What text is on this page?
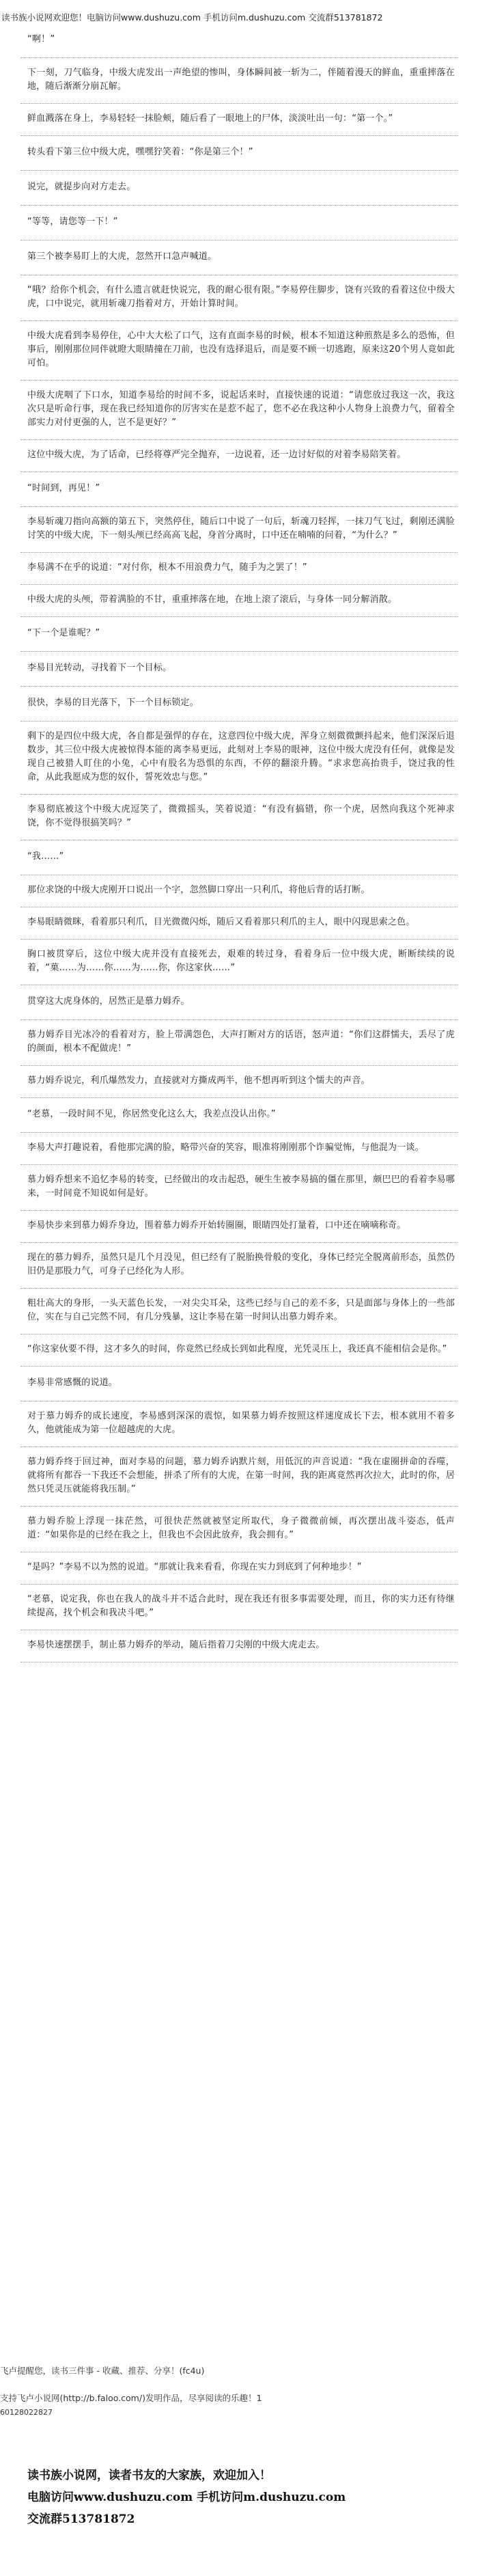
读书族小说网欢迎您！电脑访问www.dushuzu.com 手机访问m.dushuzu.com 交流群513781872

“啊！”

下一刻，刀气临身，中级大虎发出一声绝望的惨叫，身体瞬间被一斩为二，伴随着漫天的鲜血，重重摔落在地，随后渐渐分崩瓦解。

鲜血溅落在身上，李易轻轻一抹脸颊，随后看了一眼地上的尸体，淡淡吐出一句：“第一个。”

转头看下第三位中级大虎，嘿嘿狞笑着：“你是第三个！”

说完，就提步向对方走去。

“等等，请您等一下！”

第三个被李易盯上的大虎，忽然开口急声喊道。

“哦？给你个机会，有什么遗言就赶快说完，我的耐心很有限。”李易停住脚步，饶有兴致的看着这位中级大虎，口中说完，就用斩魂刀指着对方，开始计算时间。

中级大虎看到李易停住，心中大大松了口气，这有直面李易的时候，根本不知道这种煎熬是多么的恐怖，但事后，刚刚那位同伴就瞪大眼睛撞在刀前，也没有选择退后，而是要不顾一切逃跑，原来这20个男人竟如此可怕。

中级大虎咽了下口水，知道李易给的时间不多，说起话来时，直接快速的说道：“请您放过我这一次，我这次只是听命行事，现在我已经知道你的厉害实在是惹不起了，您不必在我这种小人物身上浪费力气，留着全部实力对付更强的人，岂不是更好？”

这位中级大虎，为了话命，已经将尊严完全抛弃，一边说着，还一边讨好似的对着李易陪笑着。

“时间到，再见！”

李易斩魂刀指向高额的第五下，突然停住，随后口中说了一句后，斩魂刀轻挥，一抹刀气飞过，剩刚还满脸讨笑的中级大虎，下一刻头颅已经高高飞起，身首分离时，口中还在喃喃的问着，“为什么？”

李易满不在乎的说道：“对付你，根本不用浪费力气，随手为之罢了！”

中级大虎的头颅，带着满脸的不甘，重重摔落在地，在地上滚了滚后，与身体一同分解消散。

“下一个是谁呢？”

李易目光转动，寻找着下一个目标。

很快，李易的目光落下，下一个目标锁定。

剩下的是四位中级大虎，各自都是强悍的存在，这意四位中级大虎，浑身立刻微微颤抖起来，他们深深后退数步，其三位中级大虎被惊得本能的离李易更远，此刻对上李易的眼神，这位中级大虎没有任何，就像是发现自己被猎人盯住的小兔，心中有股名为恐惧的东西，不停的翻滚升腾。“求求您高抬贵手，饶过我的性命，从此我愿成为您的奴仆，誓死效忠与您。”

李易彻底被这个中级大虎逗笑了，微微摇头，笑着说道：“有没有搞错，你一个虎，居然向我这个死神求饶，你不觉得很搞笑吗？”

“我……”

那位求饶的中级大虎刚开口说出一个字，忽然脚口穿出一只利爪，将他后背的话打断。

李易眼睛微眯，看着那只利爪，目光微微闪烁，随后又看着那只利爪的主人，眼中闪现思索之色。

胸口被贯穿后，这位中级大虎并没有直接死去，艰难的转过身，看着身后一位中级大虎，断断续续的说着，“菓……为……你……为……你，你这家伙……”

贯穿这大虎身体的，居然正是慕力姆乔。

慕力姆乔目光冰冷的看着对方，脸上带满怨色，大声打断对方的话语，怒声道：“你们这群懦夫，丢尽了虎的颜面，根本不配做虎！”

慕力姆乔说完，利爪爆然发力，直接就对方撕成两半，他不想再听到这个懦夫的声音。

“老慕，一段时间不见，你居然变化这么大，我差点没认出你。”

李易大声打趣说着，看他那完满的脸，略带兴奋的笑容，眼准将刚刚那个诈骗觉怖，与他混为一谈。

慕力姆乔想来不追忆李易的转变，已经做出的攻击起恐，硬生生被李易搞的僵在那里，颇巴巴的看着李易哪来，一时间竟不知说如何是好。

李易快步来到慕力姆乔身边，围着慕力姆乔开始转圈圈，眼睛四处打量着，口中还在嘀嘀称奇。

现在的慕力姆乔，虽然只是几个月没见，但已经有了脱胎换骨般的变化，身体已经完全脱离前形态，虽然仍旧仍是那股力气，可身子已经化为人形。

粗壮高大的身形，一头天蓝色长发，一对尖尖耳朵，这些已经与自己的差不多，只是面部与身体上的一些部位，实在与自己完然不同，有几分残暴，这让李易在第一时间认出慕力姆乔来。

“你这家伙要不得，这才多久的时间，你竟然已经成长到如此程度，光凭灵压上，我还真不能相信会是你。”

李易非常感慨的说道。

对于慕力姆乔的成长速度，李易感到深深的震惊，如果慕力姆乔按照这样速度成长下去，根本就用不着多久，他就能成为第一位超越虎的大虎。

慕力姆乔终于回过神，面对李易的问题，慕力姆乔讷默片刻，用低沉的声音说道：“我在虚圈拼命的吞噬，就将所有都吞一下我还不会想能，拼杀了所有的大虎，在第一时间，我的距离竟然再次拉大，此时的你，居然只凭灵压就能将我压制。”

慕力姆乔脸上浮现一抹茫然，可很快茫然就被坚定所取代，身子微微前倾，再次摆出战斗姿态，低声道：“如果你是的已经在我之上，但我也不会因此放弃，我会拥有。”

“是吗？”李易不以为然的说道。“那就让我来看看，你现在实力到底到了何种地步！”

“老慕，说定我，你也在我人的战斗并不适合此时，现在我还有很多事需要处理，而且，你的实力还有待继续提高，找个机会和我决斗吧。”

李易快速摆摆手，制止慕力姆乔的举动，随后指着刀尖刚的中级大虎走去。

飞卢提醒您，读书三件事 - 收藏、推荐、分享！(fc4u)
支持飞卢小说网(http://b.faloo.com/)发明作品，尽享阅读的乐趣！1
60128022827
读书族小说网，读者书友的大家族，欢迎加入！
电脑访问www.dushuzu.com 手机访问m.dushuzu.com
交流群513781872
